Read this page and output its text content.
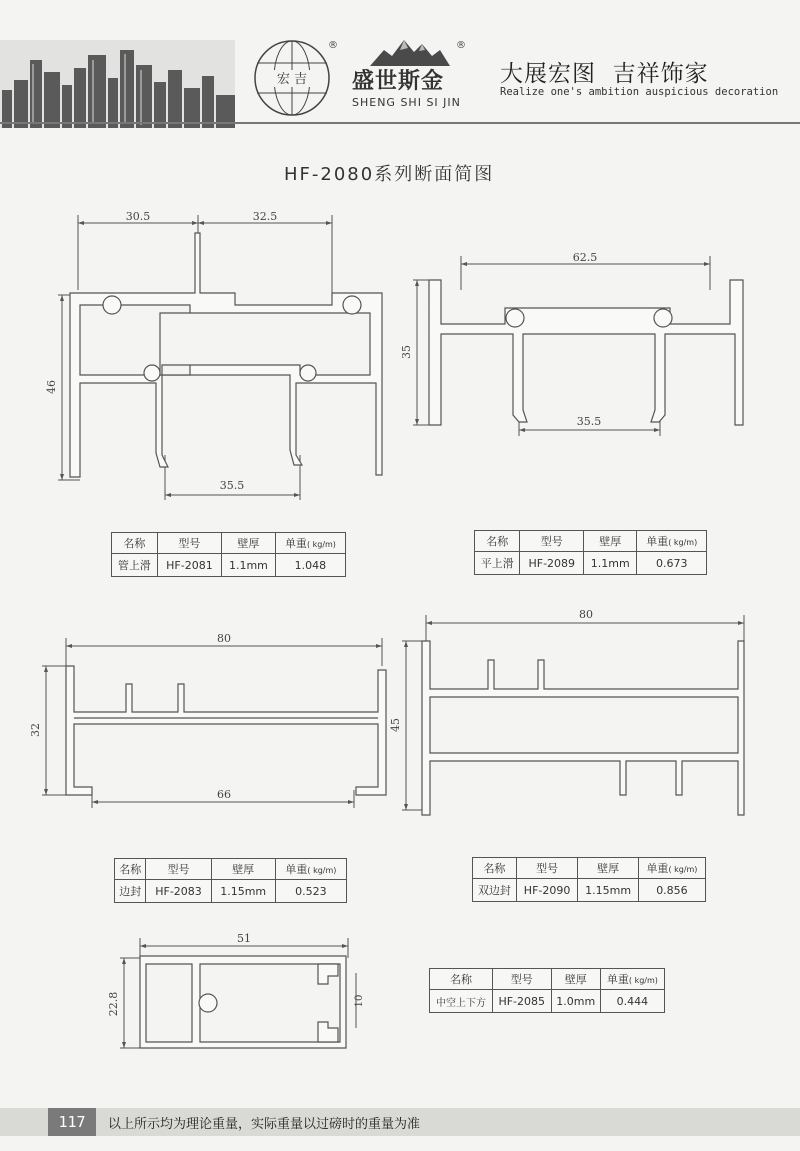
宏 吉
®	®
盛世斯金
SHENG SHI SI JIN
大展宏图  吉祥饰家
Realize one's ambition auspicious decoration
HF-2080系列断面简图
30.5	32.5
46
35.5
62.5
35
35.5
80
32
66
80
45
51
22.8	10
名称	型号	壁厚	单重( kg/m)
管上滑	HF-2081	1.1mm	1.048
名称	型号	壁厚	单重( kg/m)
平上滑	HF-2089	1.1mm	0.673
名称	型号	壁厚	单重( kg/m)
边封	HF-2083	1.15mm	0.523
名称	型号	壁厚	单重( kg/m)
双边封	HF-2090	1.15mm	0.856
名称	型号	壁厚	单重( kg/m)
中空上下方	HF-2085	1.0mm	0.444
117	以上所示均为理论重量，实际重量以过磅时的重量为准
